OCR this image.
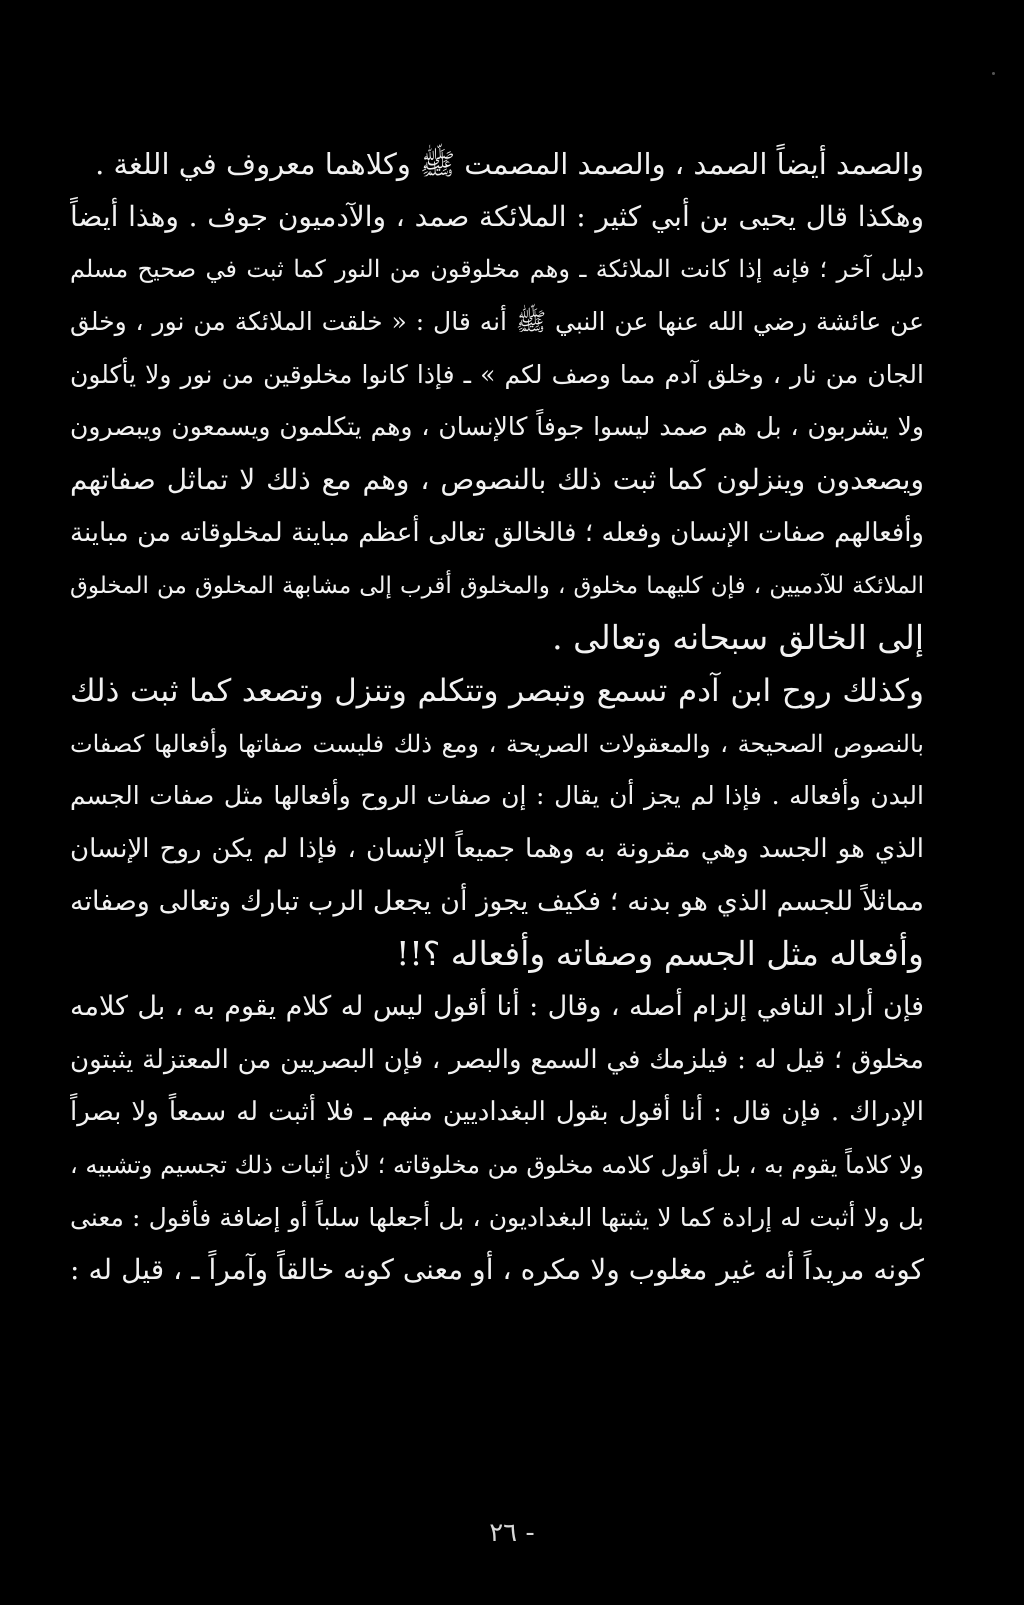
والصمد أيضاً الصمد ، والصمد المصمت ﷺ وكلاهما معروف في اللغة .
وهكذا قال يحيى بن أبي كثير : الملائكة صمد ، والآدميون جوف . وهذا أيضاً
دليل آخر ؛ فإنه إذا كانت الملائكة ـ وهم مخلوقون من النور كما ثبت في صحيح مسلم
عن عائشة رضي الله عنها عن النبي ﷺ أنه قال : « خلقت الملائكة من نور ، وخلق
الجان من نار ، وخلق آدم مما وصف لكم » ـ فإذا كانوا مخلوقين من نور ولا يأكلون
ولا يشربون ، بل هم صمد ليسوا جوفاً كالإنسان ، وهم يتكلمون ويسمعون ويبصرون
ويصعدون وينزلون كما ثبت ذلك بالنصوص ، وهم مع ذلك لا تماثل صفاتهم
وأفعالهم صفات الإنسان وفعله ؛ فالخالق تعالى أعظم مباينة لمخلوقاته من مباينة
الملائكة للآدميين ، فإن كليهما مخلوق ، والمخلوق أقرب إلى مشابهة المخلوق من المخلوق
إلى الخالق سبحانه وتعالى .
وكذلك روح ابن آدم تسمع وتبصر وتتكلم وتنزل وتصعد كما ثبت ذلك
بالنصوص الصحيحة ، والمعقولات الصريحة ، ومع ذلك فليست صفاتها وأفعالها كصفات
البدن وأفعاله . فإذا لم يجز أن يقال : إن صفات الروح وأفعالها مثل صفات الجسم
الذي هو الجسد وهي مقرونة به وهما جميعاً الإنسان ، فإذا لم يكن روح الإنسان
مماثلاً للجسم الذي هو بدنه ؛ فكيف يجوز أن يجعل الرب تبارك وتعالى وصفاته
وأفعاله مثل الجسم وصفاته وأفعاله ؟!!
فإن أراد النافي إلزام أصله ، وقال : أنا أقول ليس له كلام يقوم به ، بل كلامه
مخلوق ؛ قيل له : فيلزمك في السمع والبصر ، فإن البصريين من المعتزلة يثبتون
الإدراك . فإن قال : أنا أقول بقول البغداديين منهم ـ فلا أثبت له سمعاً ولا بصراً
ولا كلاماً يقوم به ، بل أقول كلامه مخلوق من مخلوقاته ؛ لأن إثبات ذلك تجسيم وتشبيه ،
بل ولا أثبت له إرادة كما لا يثبتها البغداديون ، بل أجعلها سلباً أو إضافة فأقول : معنى
كونه مريداً أنه غير مغلوب ولا مكره ، أو معنى كونه خالقاً وآمراً ـ ، قيل له :
- ٢٦
